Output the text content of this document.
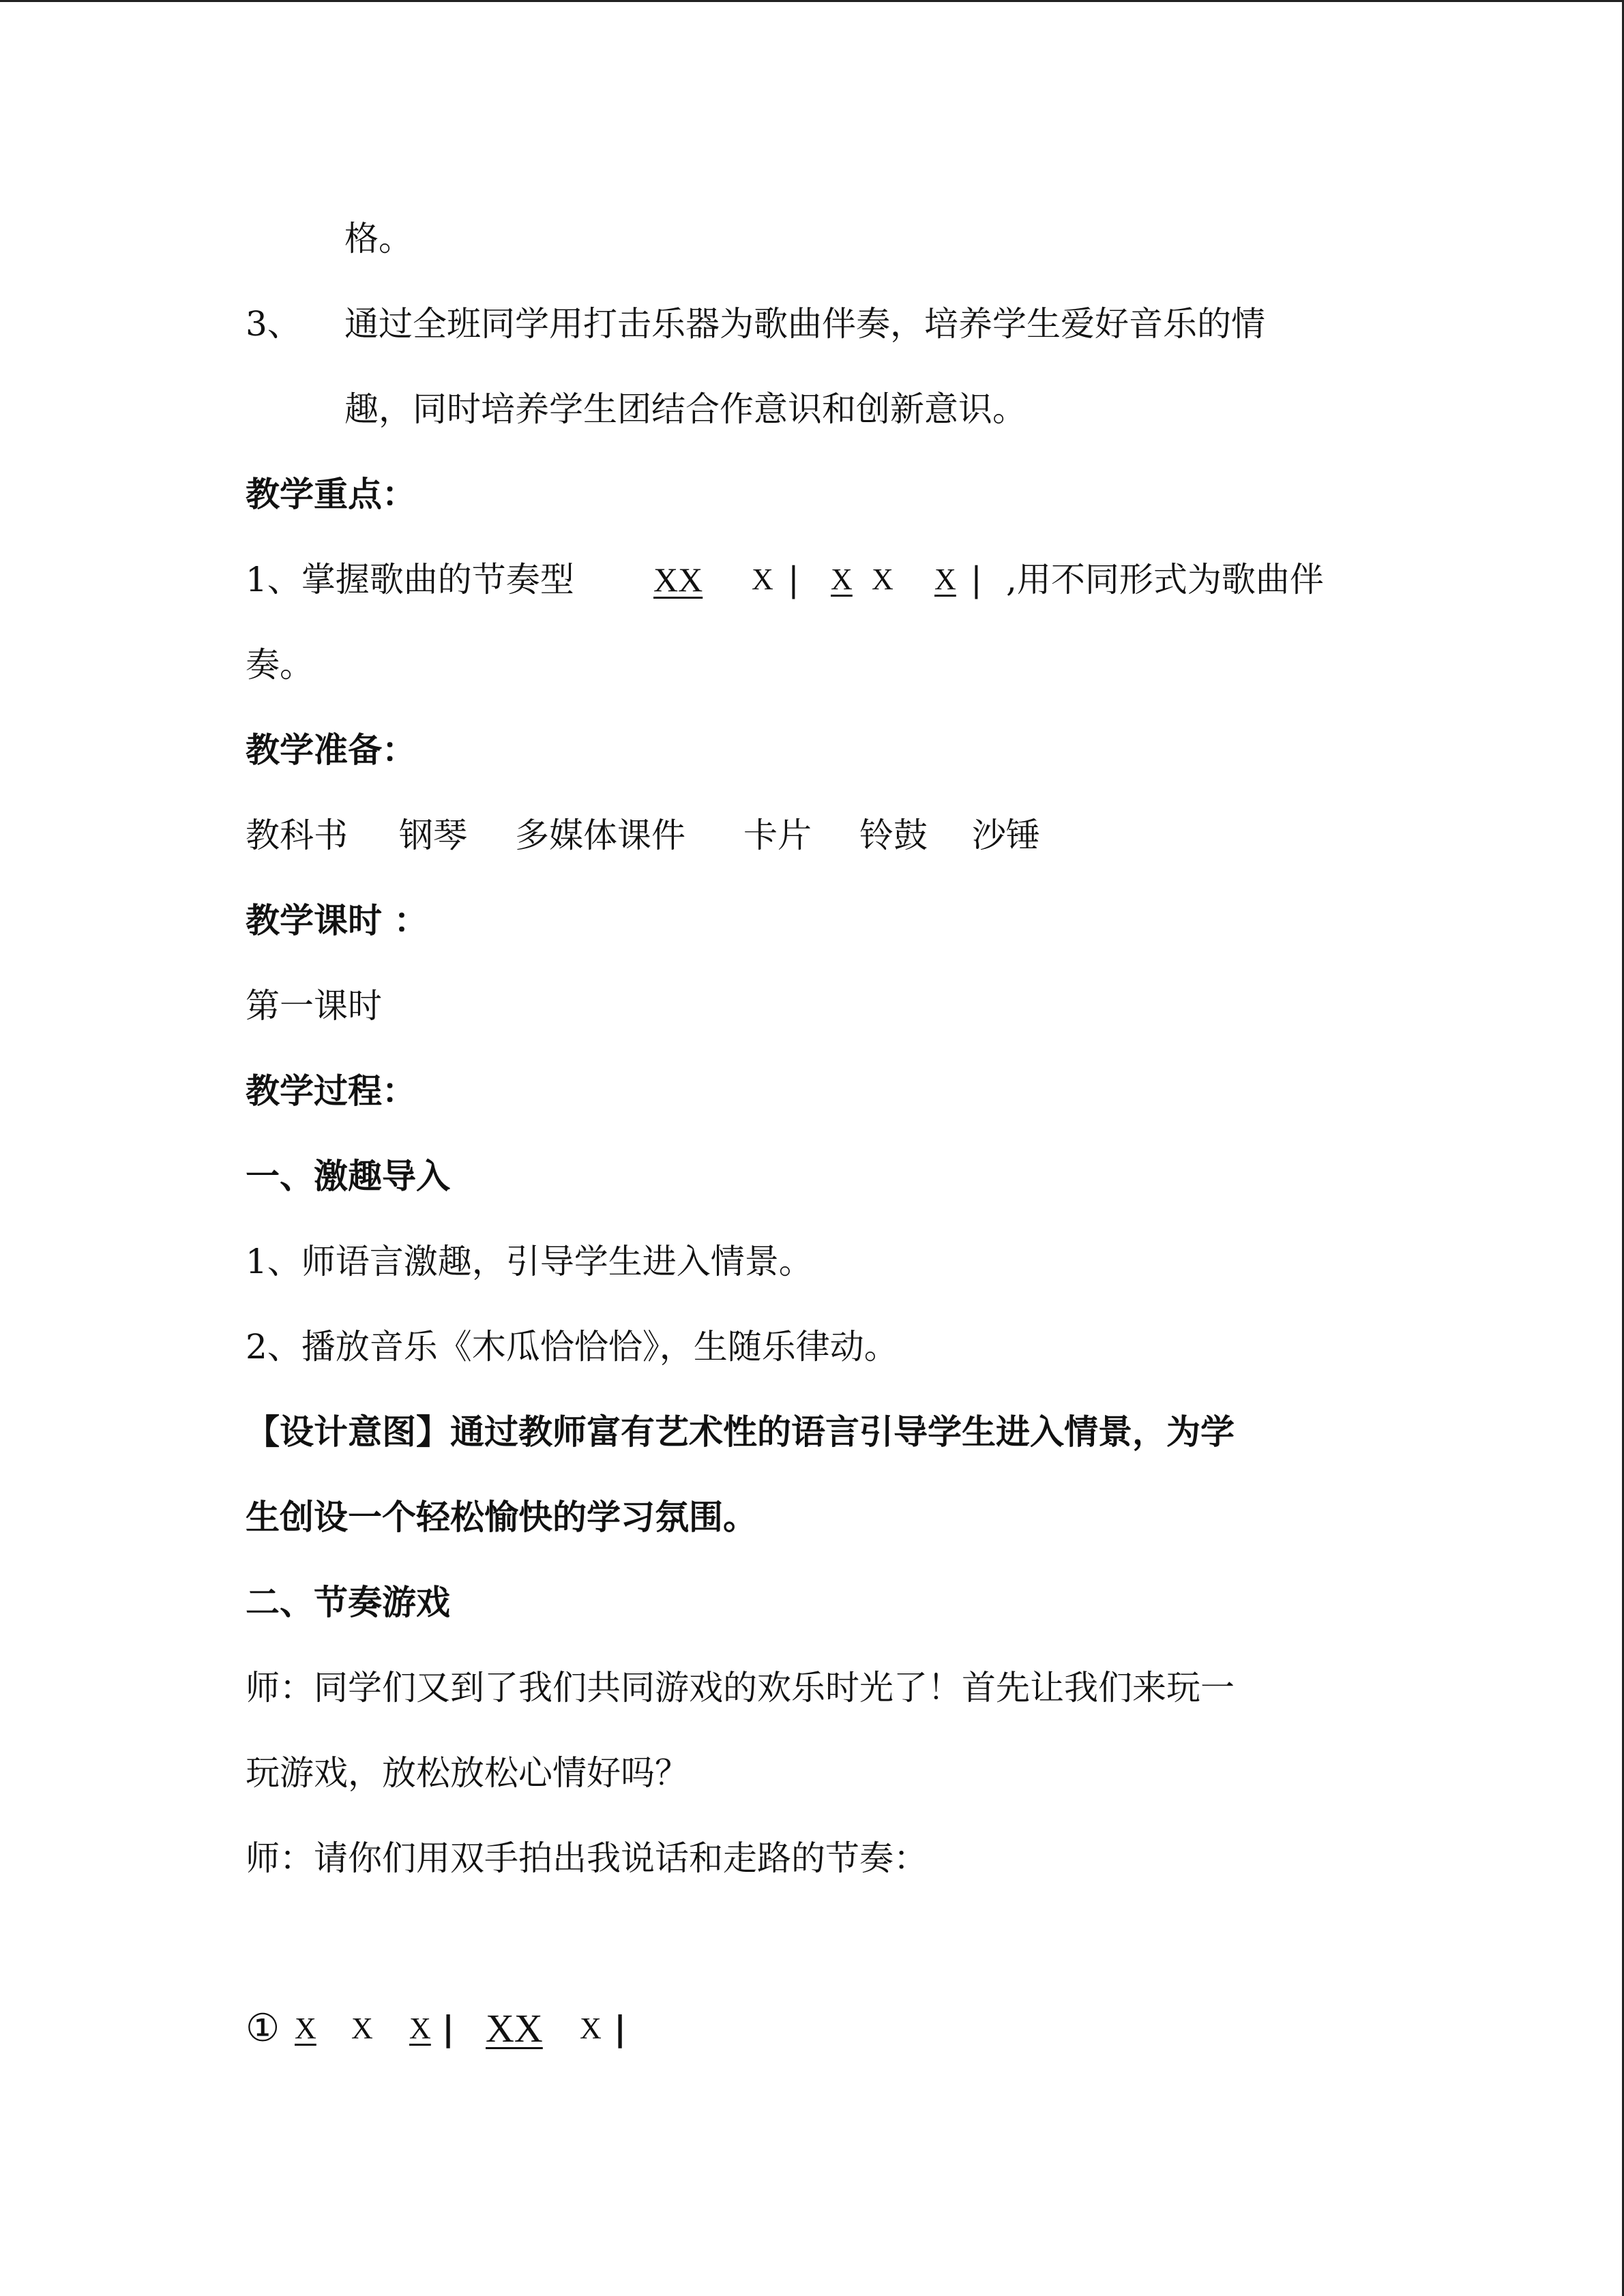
格。
3、 通过全班同学用打击乐器为歌曲伴奏，培养学生爱好音乐的情
趣，同时培养学生团结合作意识和创新意识。
教学重点：
1、掌握歌曲的节奏型 XX X | X X X | ,用不同形式为歌曲伴
奏。
教学准备：
教科书 钢琴 多媒体课件 卡片 铃鼓 沙锤
教学课时 ：
第一课时
教学过程：
一、激趣导入
1、师语言激趣，引导学生进入情景。
2、播放音乐《木瓜恰恰恰》，生随乐律动。
【设计意图】通过教师富有艺术性的语言引导学生进入情景，为学
生创设一个轻松愉快的学习氛围。
二、节奏游戏
师：同学们又到了我们共同游戏的欢乐时光了！首先让我们来玩一
玩游戏，放松放松心情好吗？
师：请你们用双手拍出我说话和走路的节奏：
① X X X | XX X |
